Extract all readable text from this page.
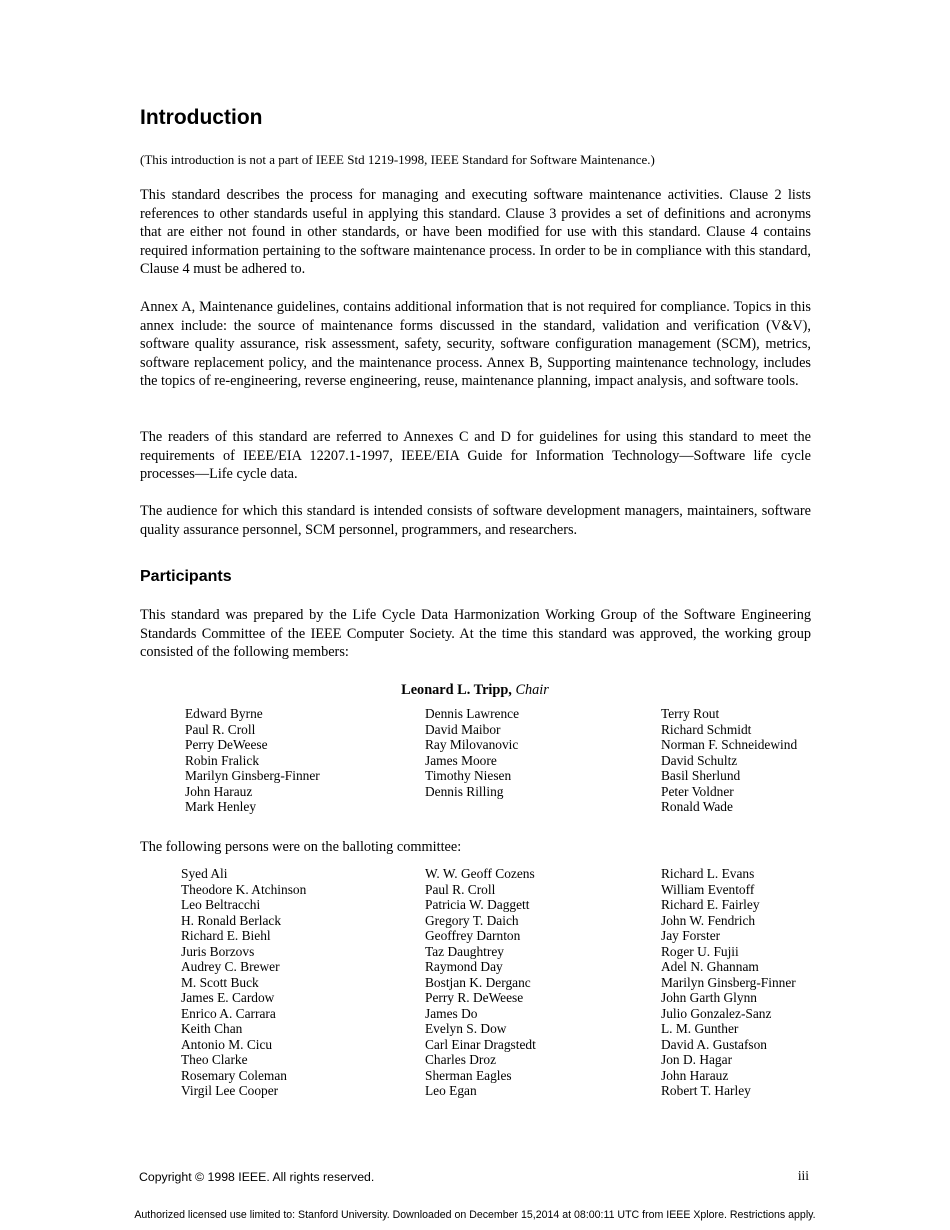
Introduction
(This introduction is not a part of IEEE Std 1219-1998, IEEE Standard for Software Maintenance.)

This standard describes the process for managing and executing software maintenance activities. Clause 2 lists references to other standards useful in applying this standard. Clause 3 provides a set of definitions and acronyms that are either not found in other standards, or have been modified for use with this standard. Clause 4 contains required information pertaining to the software maintenance process. In order to be in compliance with this standard, Clause 4 must be adhered to.

Annex A, Maintenance guidelines, contains additional information that is not required for compliance. Topics in this annex include: the source of maintenance forms discussed in the standard, validation and verification (V&V), software quality assurance, risk assessment, safety, security, software configuration management (SCM), metrics, software replacement policy, and the maintenance process. Annex B, Supporting maintenance technology, includes the topics of re-engineering, reverse engineering, reuse, maintenance planning, impact analysis, and software tools.

The readers of this standard are referred to Annexes C and D for guidelines for using this standard to meet the requirements of IEEE/EIA 12207.1-1997, IEEE/EIA Guide for Information Technology—Software life cycle processes—Life cycle data.

The audience for which this standard is intended consists of software development managers, maintainers, software quality assurance personnel, SCM personnel, programmers, and researchers.

Participants

This standard was prepared by the Life Cycle Data Harmonization Working Group of the Software Engineering Standards Committee of the IEEE Computer Society. At the time this standard was approved, the working group consisted of the following members:

Leonard L. Tripp, Chair
Edward Byrne
Paul R. Croll
Perry DeWeese
Robin Fralick
Marilyn Ginsberg-Finner
John Harauz
Mark Henley
Dennis Lawrence
David Maibor
Ray Milovanovic
James Moore
Timothy Niesen
Dennis Rilling
Terry Rout
Richard Schmidt
Norman F. Schneidewind
David Schultz
Basil Sherlund
Peter Voldner
Ronald Wade
The following persons were on the balloting committee:
Syed Ali
Theodore K. Atchinson
Leo Beltracchi
H. Ronald Berlack
Richard E. Biehl
Juris Borzovs
Audrey C. Brewer
M. Scott Buck
James E. Cardow
Enrico A. Carrara
Keith Chan
Antonio M. Cicu
Theo Clarke
Rosemary Coleman
Virgil Lee Cooper
W. W. Geoff Cozens
Paul R. Croll
Patricia W. Daggett
Gregory T. Daich
Geoffrey Darnton
Taz Daughtrey
Raymond Day
Bostjan K. Derganc
Perry R. DeWeese
James Do
Evelyn S. Dow
Carl Einar Dragstedt
Charles Droz
Sherman Eagles
Leo Egan
Richard L. Evans
William Eventoff
Richard E. Fairley
John W. Fendrich
Jay Forster
Roger U. Fujii
Adel N. Ghannam
Marilyn Ginsberg-Finner
John Garth Glynn
Julio Gonzalez-Sanz
L. M. Gunther
David A. Gustafson
Jon D. Hagar
John Harauz
Robert T. Harley
Copyright © 1998 IEEE. All rights reserved.	iii
Authorized licensed use limited to: Stanford University. Downloaded on December 15,2014 at 08:00:11 UTC from IEEE Xplore. Restrictions apply.
